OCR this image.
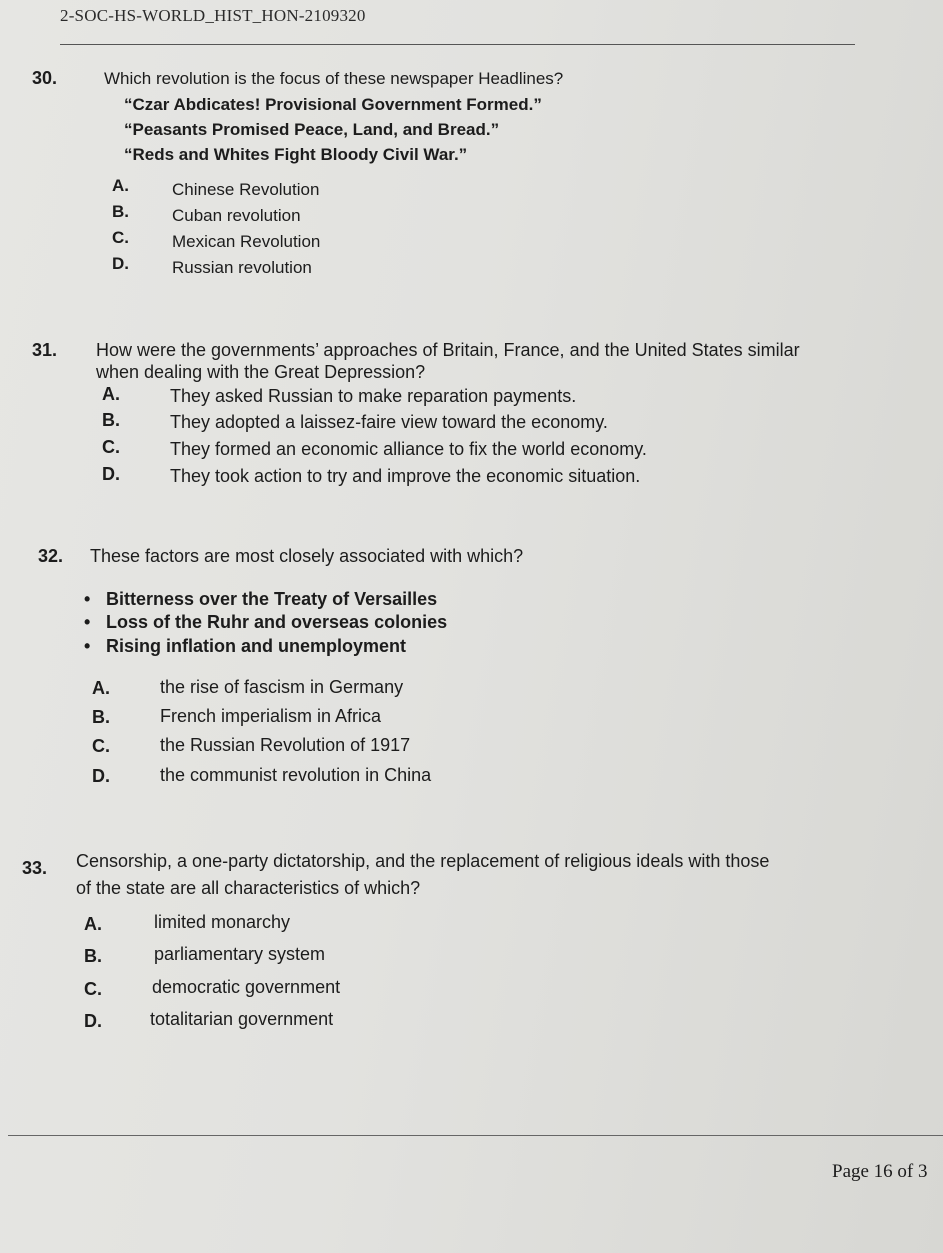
2-SOC-HS-WORLD_HIST_HON-2109320
30.	Which revolution is the focus of these newspaper Headlines?
“Czar Abdicates! Provisional Government Formed.”
“Peasants Promised Peace, Land, and Bread.”
“Reds and Whites Fight Bloody Civil War.”
A.	Chinese Revolution
B.	Cuban revolution
C.	Mexican Revolution
D.	Russian revolution
31. How were the governments’ approaches of Britain, France, and the United States similar
when dealing with the Great Depression?
A.	They asked Russian to make reparation payments.
B.	They adopted a laissez-faire view toward the economy.
C.	They formed an economic alliance to fix the world economy.
D.	They took action to try and improve the economic situation.
32. These factors are most closely associated with which?
• Bitterness over the Treaty of Versailles
• Loss of the Ruhr and overseas colonies
• Rising inflation and unemployment
A.	the rise of fascism in Germany
B.	French imperialism in Africa
C.	the Russian Revolution of 1917
D.	the communist revolution in China
33. Censorship, a one-party dictatorship, and the replacement of religious ideals with those
of the state are all characteristics of which?
A.	limited monarchy
B.	parliamentary system
C.	democratic government
D.	totalitarian government
Page 16 of 3
